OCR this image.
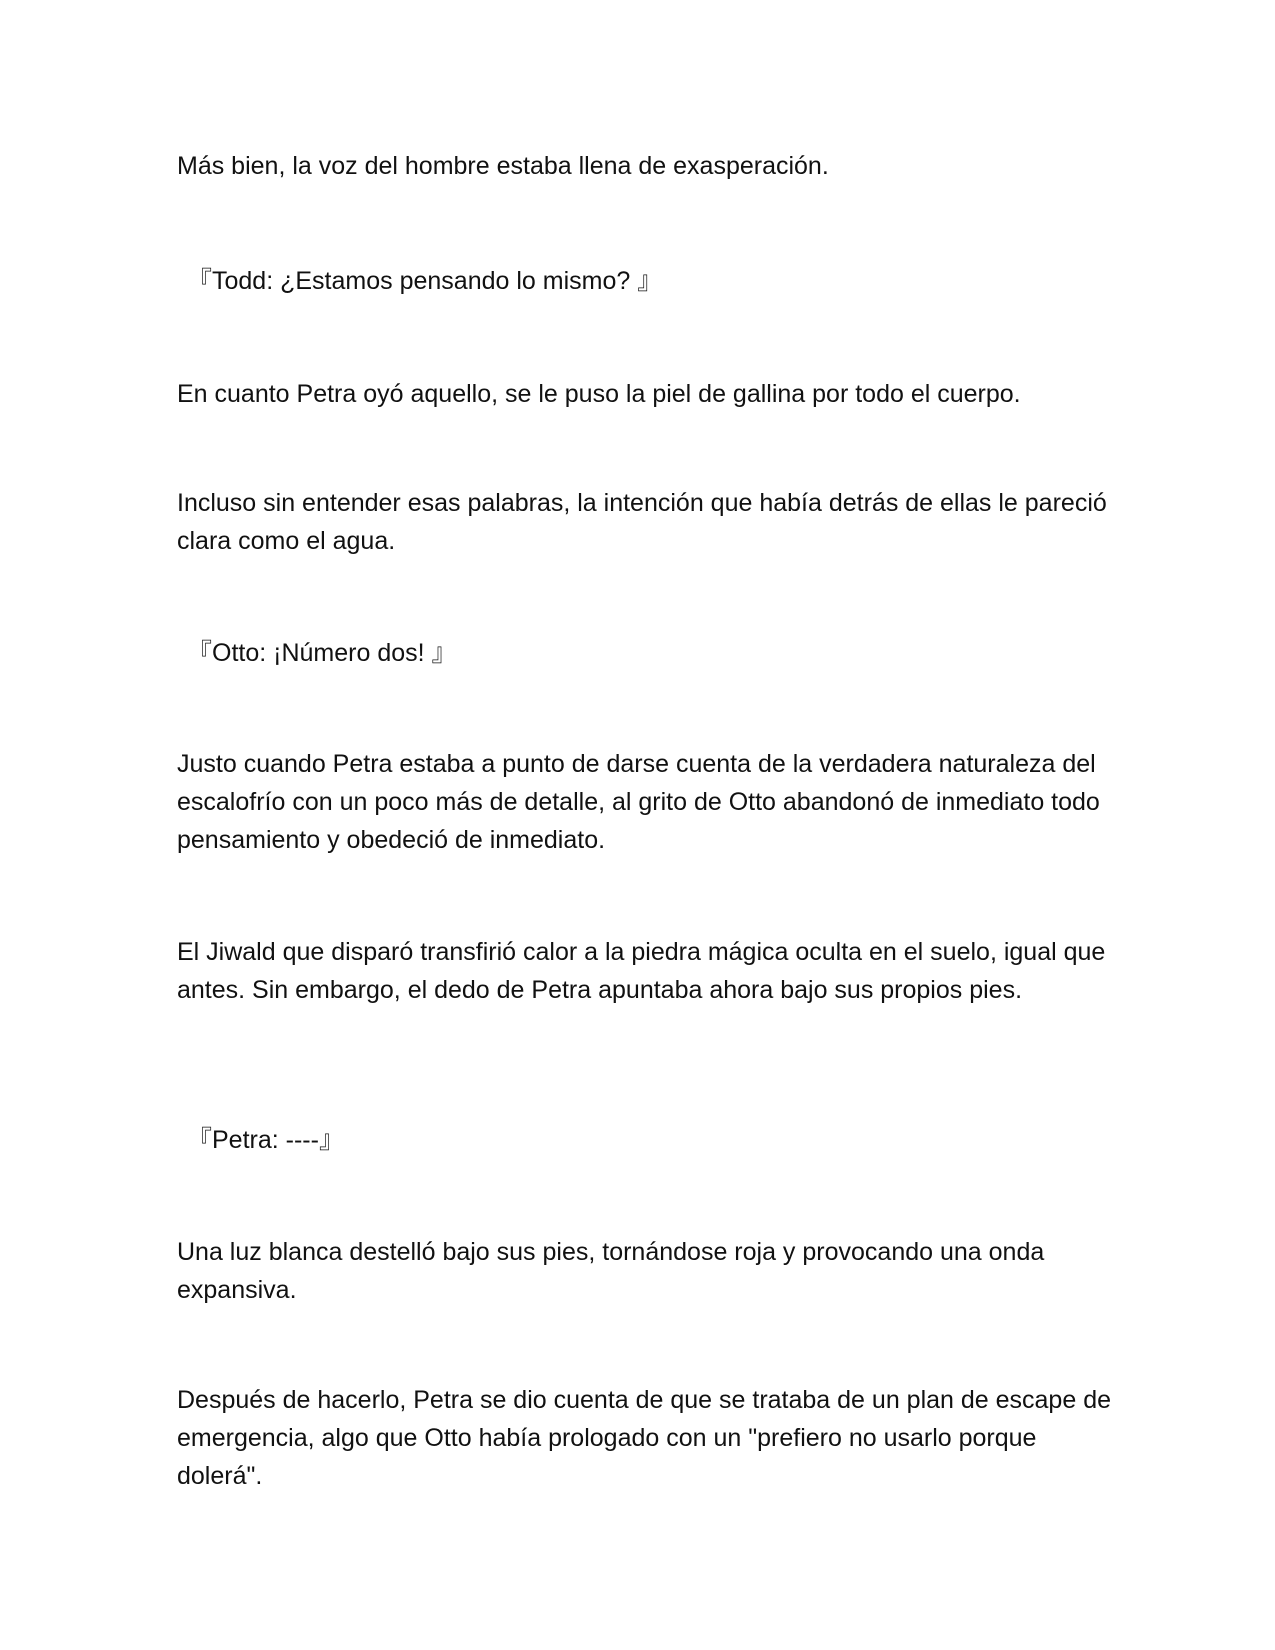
Más bien, la voz del hombre estaba llena de exasperación.

『Todd: ¿Estamos pensando lo mismo? 』

En cuanto Petra oyó aquello, se le puso la piel de gallina por todo el cuerpo.

Incluso sin entender esas palabras, la intención que había detrás de ellas le pareció clara como el agua.

『Otto: ¡Número dos! 』

Justo cuando Petra estaba a punto de darse cuenta de la verdadera naturaleza del escalofrío con un poco más de detalle, al grito de Otto abandonó de inmediato todo pensamiento y obedeció de inmediato.

El Jiwald que disparó transfirió calor a la piedra mágica oculta en el suelo, igual que antes. Sin embargo, el dedo de Petra apuntaba ahora bajo sus propios pies.

『Petra: ----』

Una luz blanca destelló bajo sus pies, tornándose roja y provocando una onda expansiva.

Después de hacerlo, Petra se dio cuenta de que se trataba de un plan de escape de emergencia, algo que Otto había prologado con un "prefiero no usarlo porque dolerá".
